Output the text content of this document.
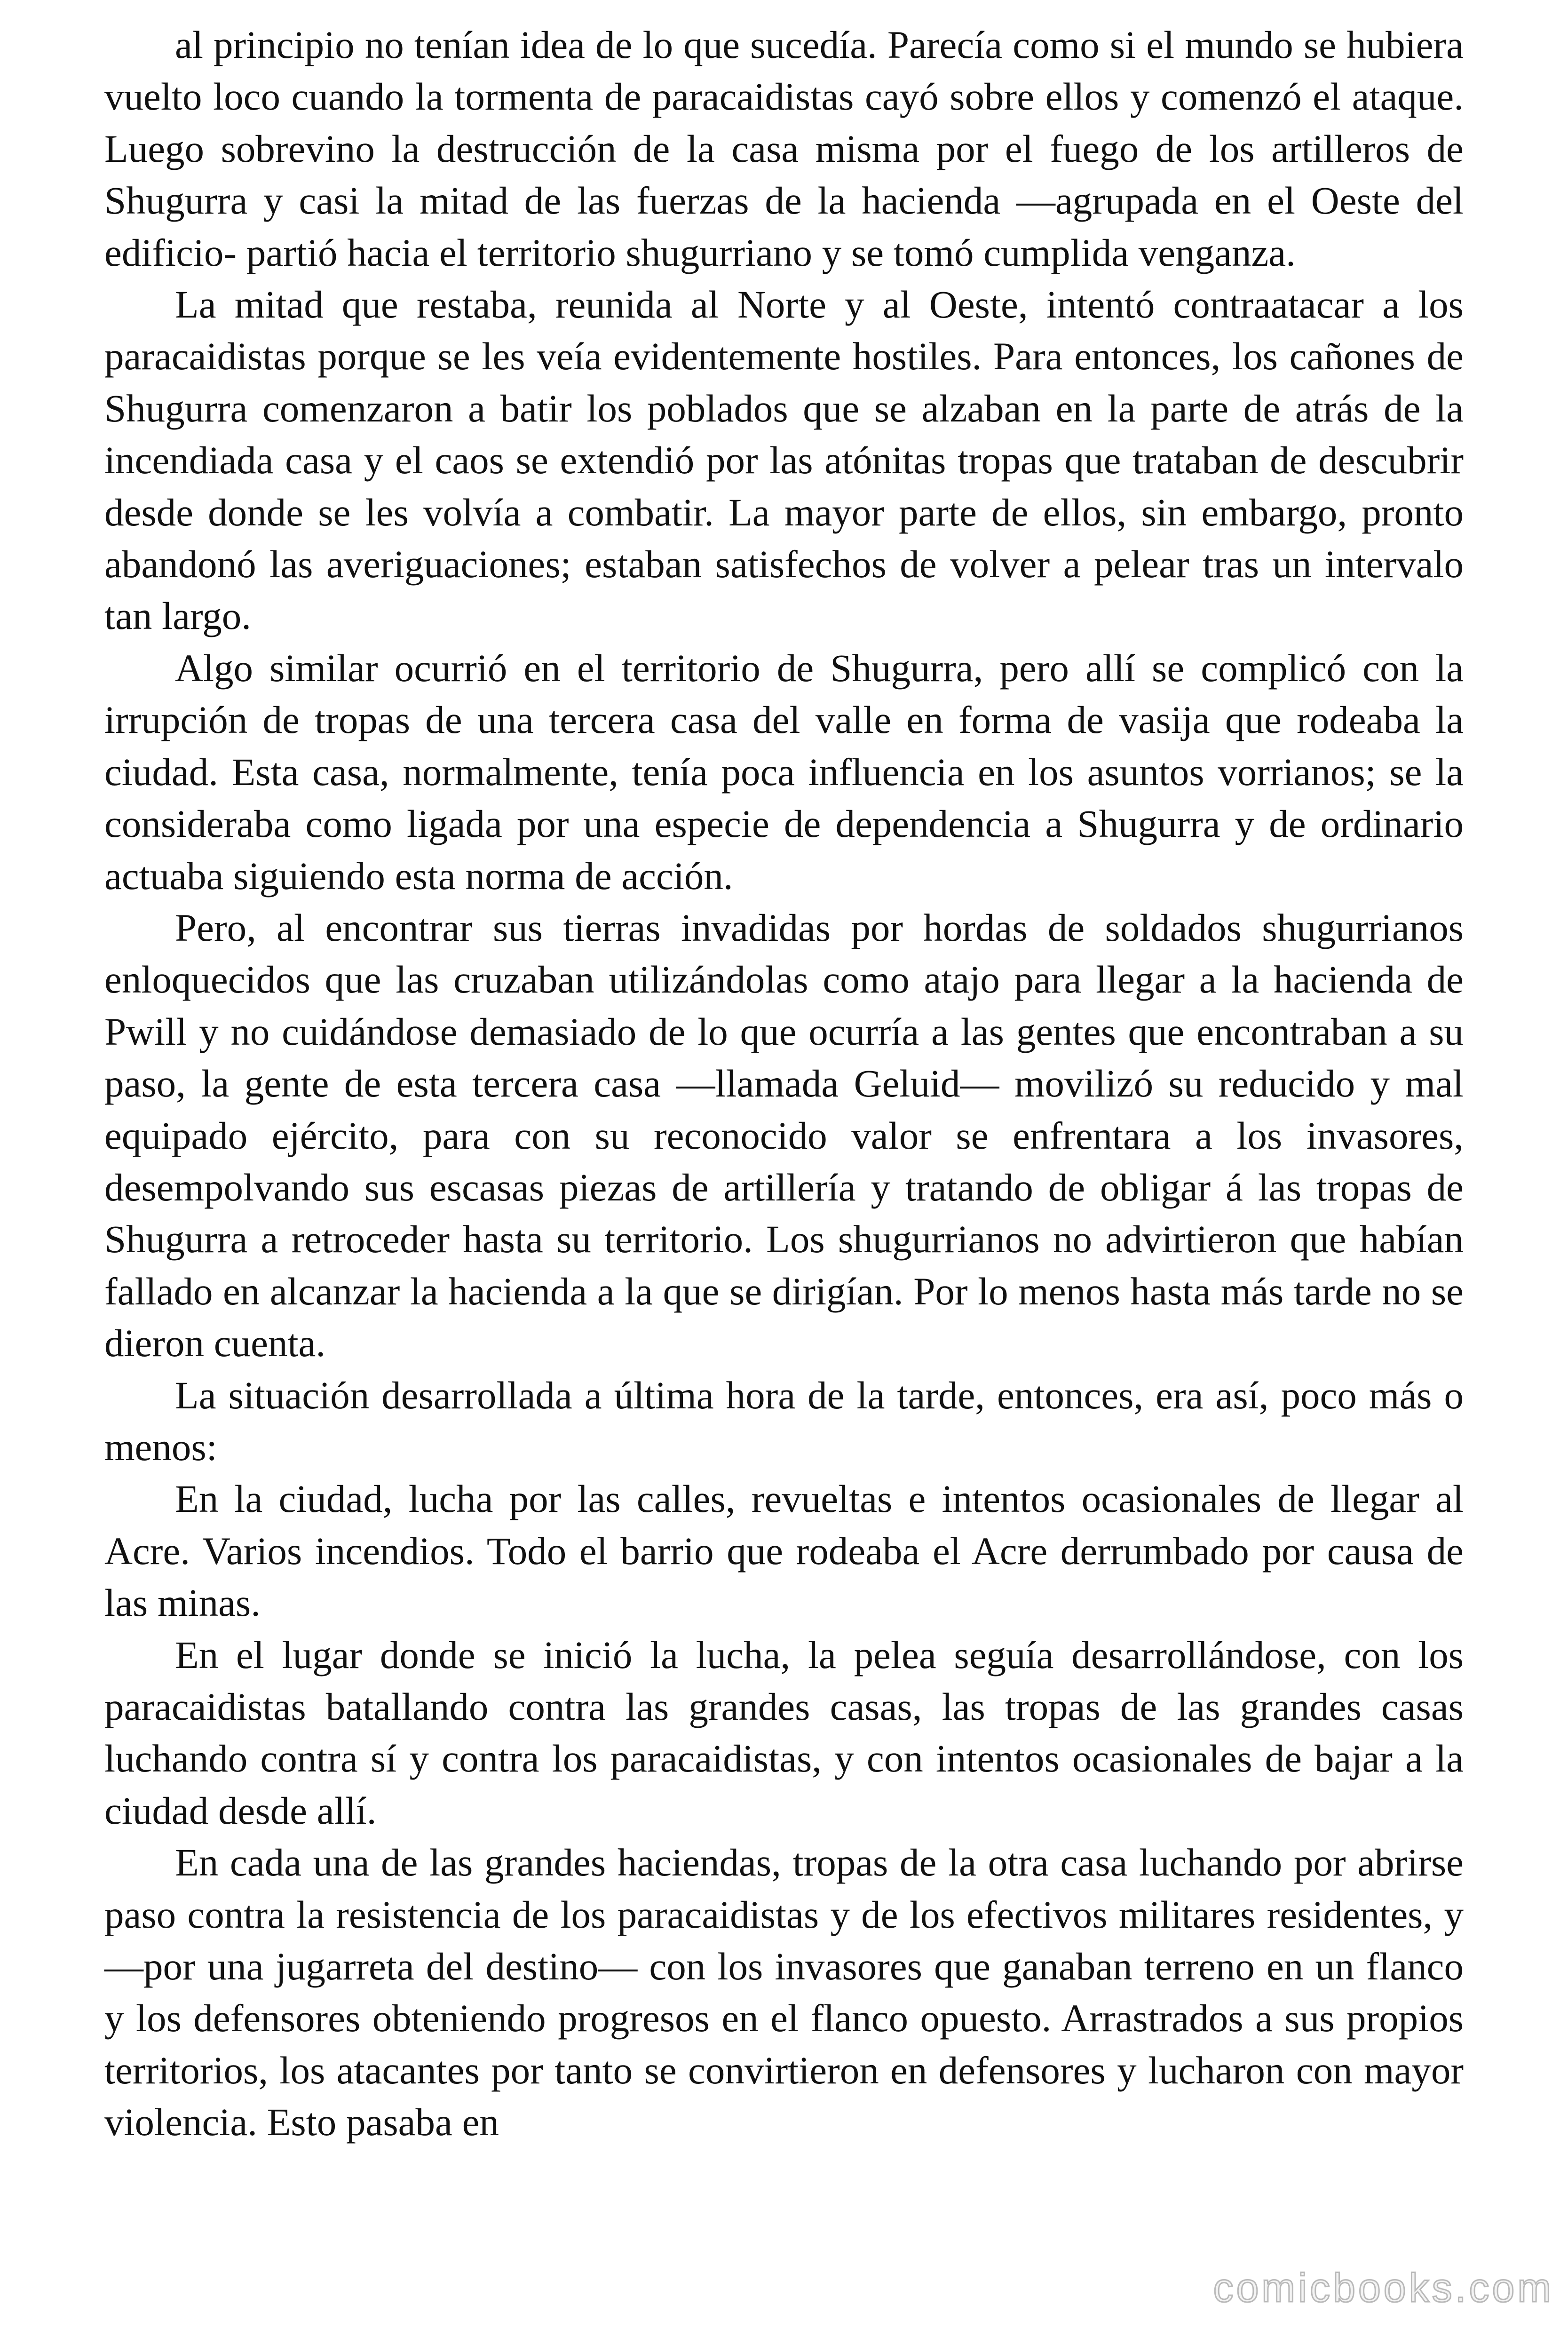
al principio no tenían idea de lo que sucedía. Parecía como si el mundo se hubiera vuelto loco cuando la tormenta de paracaidistas cayó sobre ellos y comenzó el ataque. Luego sobrevino la destrucción de la casa misma por el fuego de los artilleros de Shugurra y casi la mitad de las fuerzas de la hacienda —agrupada en el Oeste del edificio- partió hacia el territorio shugurriano y se tomó cumplida venganza.

La mitad que restaba, reunida al Norte y al Oeste, intentó contraatacar a los paracaidistas porque se les veía evidentemente hostiles. Para entonces, los cañones de Shugurra comenzaron a batir los poblados que se alzaban en la parte de atrás de la incendiada casa y el caos se extendió por las atónitas tropas que trataban de descubrir desde donde se les volvía a combatir. La mayor parte de ellos, sin embargo, pronto abandonó las averiguaciones; estaban satisfechos de volver a pelear tras un intervalo tan largo.

Algo similar ocurrió en el territorio de Shugurra, pero allí se complicó con la irrupción de tropas de una tercera casa del valle en forma de vasija que rodeaba la ciudad. Esta casa, normalmente, tenía poca influencia en los asuntos vorrianos; se la consideraba como ligada por una especie de dependencia a Shugurra y de ordinario actuaba siguiendo esta norma de acción.

Pero, al encontrar sus tierras invadidas por hordas de soldados shugurrianos enloquecidos que las cruzaban utilizándolas como atajo para llegar a la hacienda de Pwill y no cuidándose demasiado de lo que ocurría a las gentes que encontraban a su paso, la gente de esta tercera casa —llamada Geluid— movilizó su reducido y mal equipado ejército, para con su reconocido valor se enfrentara a los invasores, desempolvando sus escasas piezas de artillería y tratando de obligar á las tropas de Shugurra a retroceder hasta su territorio. Los shugurrianos no advirtieron que habían fallado en alcanzar la hacienda a la que se dirigían. Por lo menos hasta más tarde no se dieron cuenta.

La situación desarrollada a última hora de la tarde, entonces, era así, poco más o menos:

En la ciudad, lucha por las calles, revueltas e intentos ocasionales de llegar al Acre. Varios incendios. Todo el barrio que rodeaba el Acre derrumbado por causa de las minas.

En el lugar donde se inició la lucha, la pelea seguía desarrollándose, con los paracaidistas batallando contra las grandes casas, las tropas de las grandes casas luchando contra sí y contra los paracaidistas, y con intentos ocasionales de bajar a la ciudad desde allí.

En cada una de las grandes haciendas, tropas de la otra casa luchando por abrirse paso contra la resistencia de los paracaidistas y de los efectivos militares residentes, y —por una jugarreta del destino— con los invasores que ganaban terreno en un flanco y los defensores obteniendo progresos en el flanco opuesto. Arrastrados a sus propios territorios, los atacantes por tanto se convirtieron en defensores y lucharon con mayor violencia. Esto pasaba en

comicbooks.com
